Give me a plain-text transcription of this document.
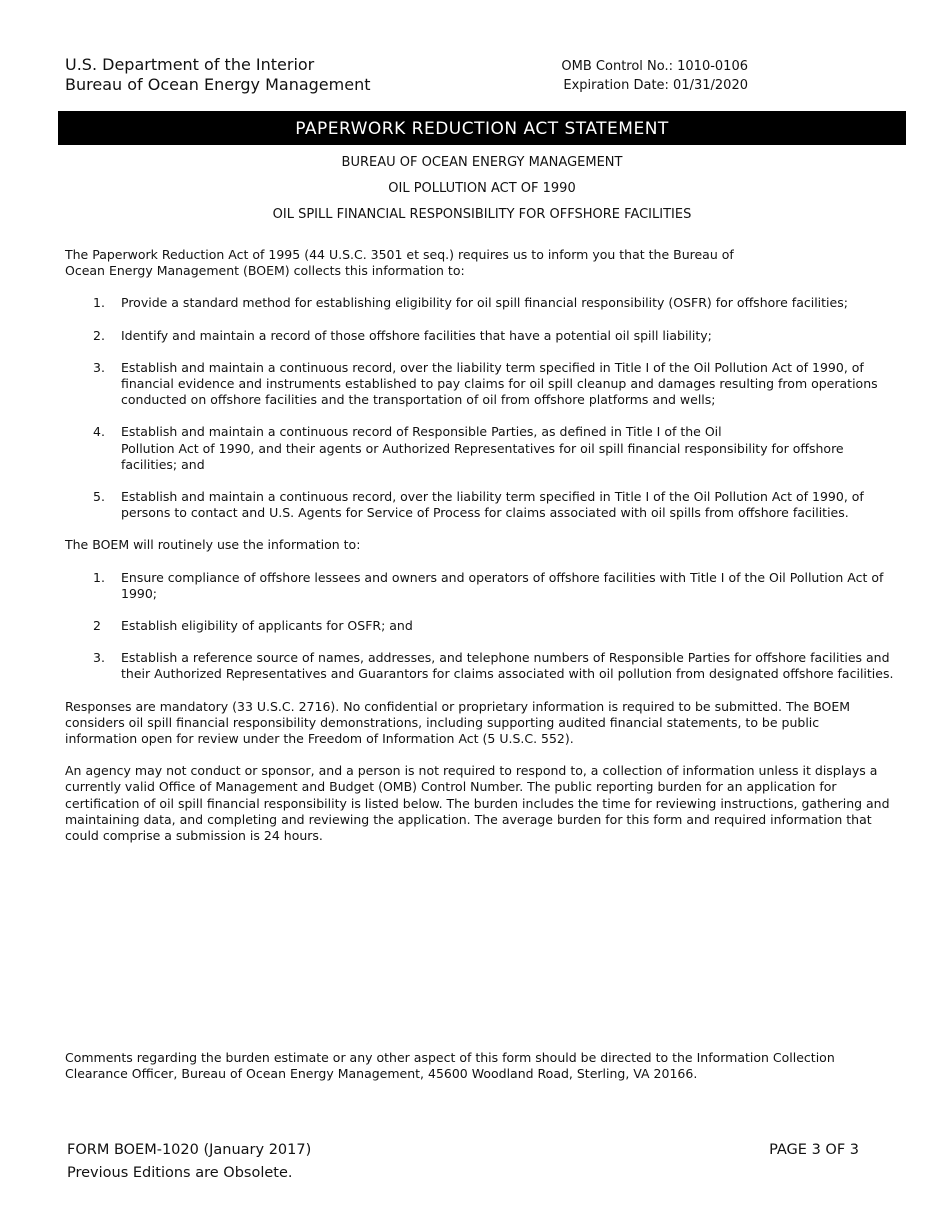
U.S. Department of the Interior
Bureau of Ocean Energy Management
OMB Control No.: 1010-0106
Expiration Date: 01/31/2020
PAPERWORK REDUCTION ACT STATEMENT
BUREAU OF OCEAN ENERGY MANAGEMENT
OIL POLLUTION ACT OF 1990
OIL SPILL FINANCIAL RESPONSIBILITY FOR OFFSHORE FACILITIES

The Paperwork Reduction Act of 1995 (44 U.S.C. 3501 et seq.) requires us to inform you that the Bureau of
Ocean Energy Management (BOEM) collects this information to:

1. Provide a standard method for establishing eligibility for oil spill financial responsibility (OSFR) for offshore facilities;
2. Identify and maintain a record of those offshore facilities that have a potential oil spill liability;
3. Establish and maintain a continuous record, over the liability term specified in Title I of the Oil Pollution Act of 1990, of financial evidence and instruments established to pay claims for oil spill cleanup and damages resulting from operations conducted on offshore facilities and the transportation of oil from offshore platforms and wells;
4. Establish and maintain a continuous record of Responsible Parties, as defined in Title I of the Oil
Pollution Act of 1990, and their agents or Authorized Representatives for oil spill financial responsibility for offshore facilities; and
5. Establish and maintain a continuous record, over the liability term specified in Title I of the Oil Pollution Act of 1990, of persons to contact and U.S. Agents for Service of Process for claims associated with oil spills from offshore facilities.

The BOEM will routinely use the information to:

1. Ensure compliance of offshore lessees and owners and operators of offshore facilities with Title I of the Oil Pollution Act of 1990;
2 Establish eligibility of applicants for OSFR; and
3. Establish a reference source of names, addresses, and telephone numbers of Responsible Parties for offshore facilities and their Authorized Representatives and Guarantors for claims associated with oil pollution from designated offshore facilities.

Responses are mandatory (33 U.S.C. 2716). No confidential or proprietary information is required to be submitted. The BOEM considers oil spill financial responsibility demonstrations, including supporting audited financial statements, to be public information open for review under the Freedom of Information Act (5 U.S.C. 552).

An agency may not conduct or sponsor, and a person is not required to respond to, a collection of information unless it displays a currently valid Office of Management and Budget (OMB) Control Number. The public reporting burden for an application for certification of oil spill financial responsibility is listed below. The burden includes the time for reviewing instructions, gathering and maintaining data, and completing and reviewing the application. The average burden for this form and required information that could comprise a submission is 24 hours.

Comments regarding the burden estimate or any other aspect of this form should be directed to the Information Collection
Clearance Officer, Bureau of Ocean Energy Management, 45600 Woodland Road, Sterling, VA 20166.
FORM BOEM-1020 (January 2017)
Previous Editions are Obsolete.
PAGE 3 OF 3
